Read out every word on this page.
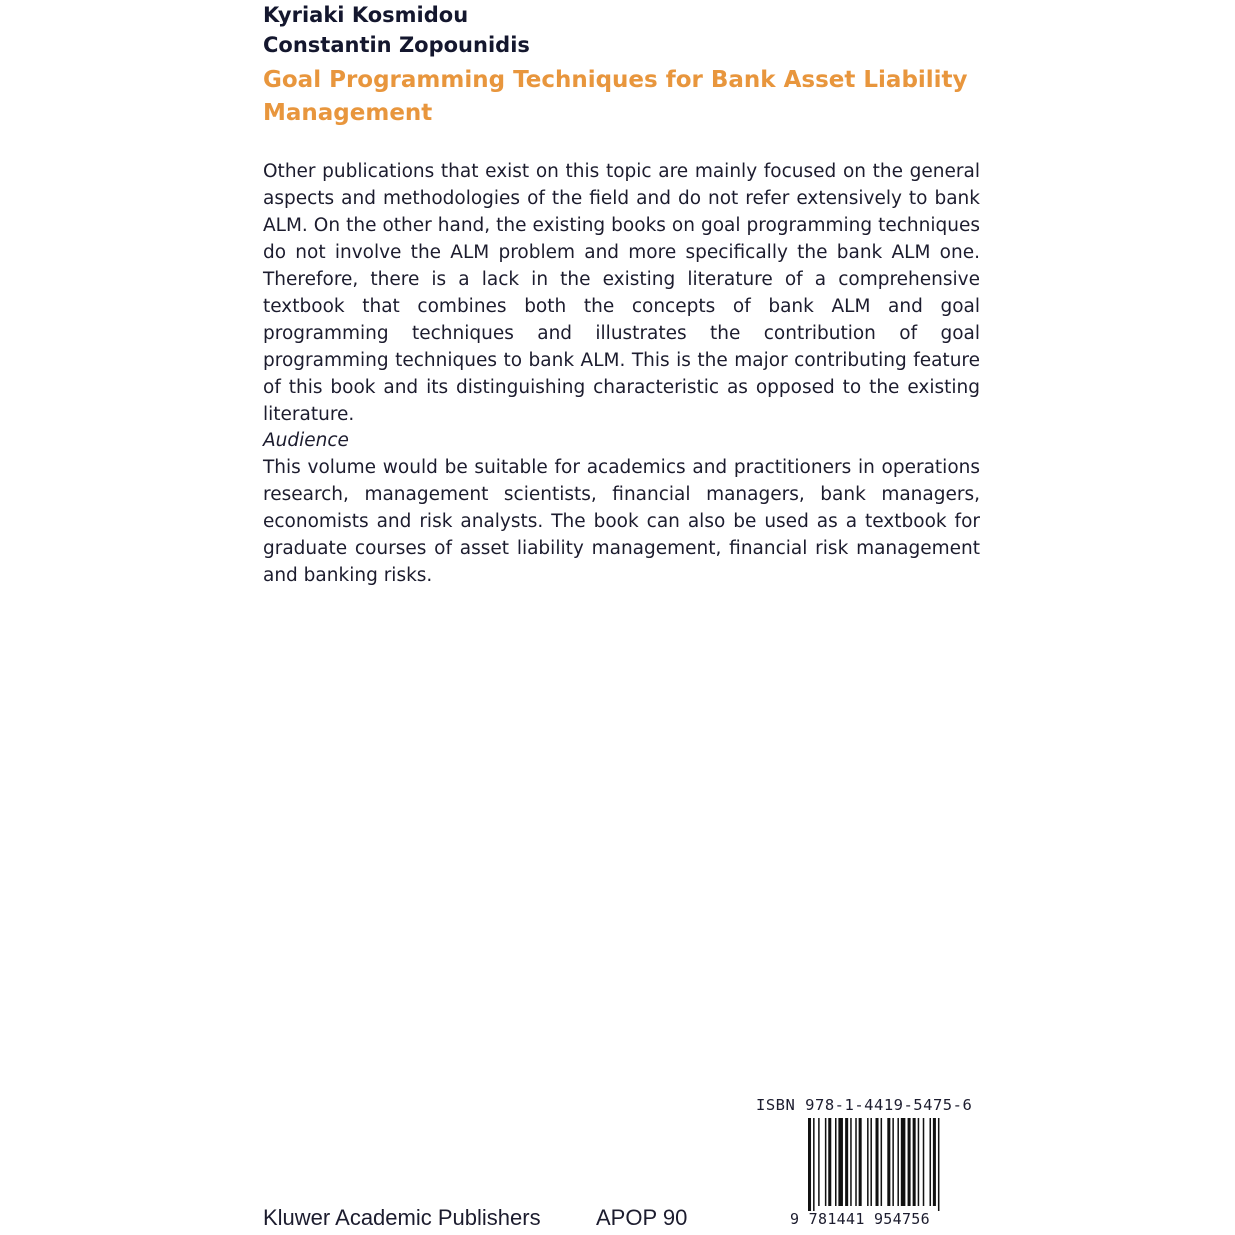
Kyriaki Kosmidou
Constantin Zopounidis
Goal Programming Techniques for Bank Asset Liability Management

Other publications that exist on this topic are mainly focused on the general aspects and methodologies of the field and do not refer extensively to bank ALM. On the other hand, the existing books on goal programming techniques do not involve the ALM problem and more specifically the bank ALM one. Therefore, there is a lack in the existing literature of a comprehensive textbook that combines both the concepts of bank ALM and goal programming techniques and illustrates the contribution of goal programming techniques to bank ALM. This is the major contributing feature of this book and its distinguishing characteristic as opposed to the existing literature.

Audience

This volume would be suitable for academics and practitioners in operations research, management scientists, financial managers, bank managers, economists and risk analysts. The book can also be used as a textbook for graduate courses of asset liability management, financial risk management and banking risks.

ISBN 978-1-4419-5475-6
9 781441 954756
Kluwer Academic Publishers	APOP 90
